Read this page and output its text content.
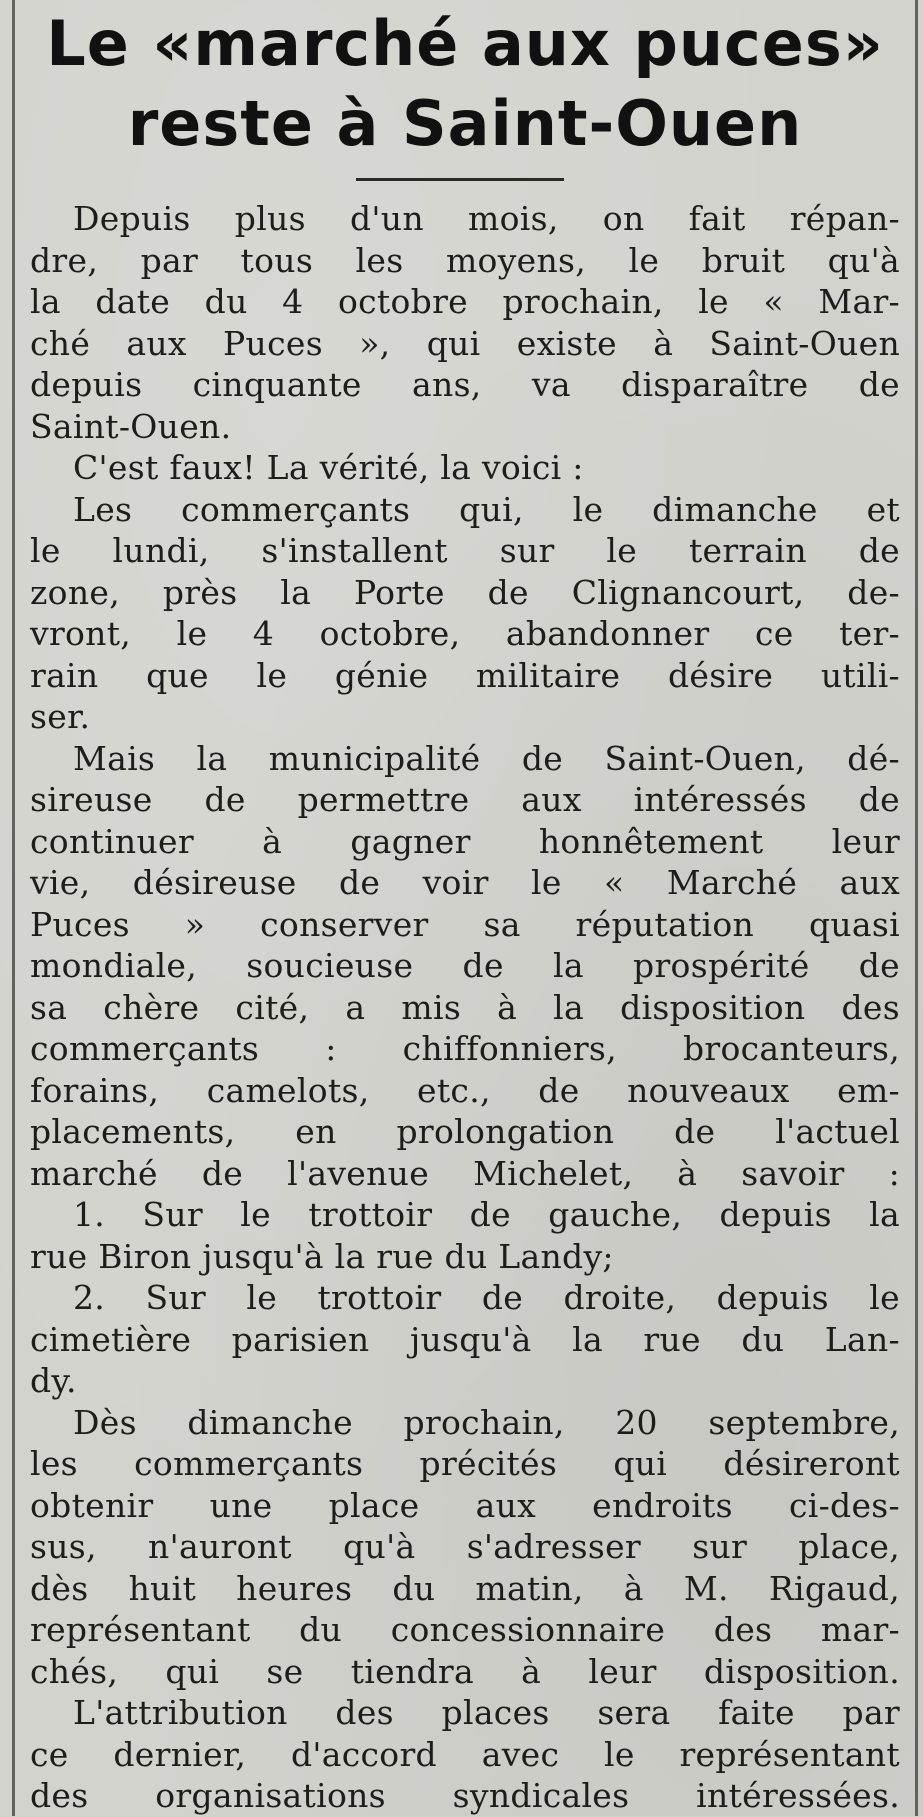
Le «marché aux puces»
reste à Saint-Ouen
Depuis plus d'un mois, on fait répan-
dre, par tous les moyens, le bruit qu'à
la date du 4 octobre prochain, le « Mar-
ché aux Puces », qui existe à Saint-Ouen
depuis cinquante ans, va disparaître de
Saint-Ouen.
C'est faux! La vérité, la voici :
Les commerçants qui, le dimanche et
le lundi, s'installent sur le terrain de
zone, près la Porte de Clignancourt, de-
vront, le 4 octobre, abandonner ce ter-
rain que le génie militaire désire utili-
ser.
Mais la municipalité de Saint-Ouen, dé-
sireuse de permettre aux intéressés de
continuer à gagner honnêtement leur
vie, désireuse de voir le « Marché aux
Puces » conserver sa réputation quasi
mondiale, soucieuse de la prospérité de
sa chère cité, a mis à la disposition des
commerçants : chiffonniers, brocanteurs,
forains, camelots, etc., de nouveaux em-
placements, en prolongation de l'actuel
marché de l'avenue Michelet, à savoir :
1. Sur le trottoir de gauche, depuis la
rue Biron jusqu'à la rue du Landy;
2. Sur le trottoir de droite, depuis le
cimetière parisien jusqu'à la rue du Lan-
dy.
Dès dimanche prochain, 20 septembre,
les commerçants précités qui désireront
obtenir une place aux endroits ci-des-
sus, n'auront qu'à s'adresser sur place,
dès huit heures du matin, à M. Rigaud,
représentant du concessionnaire des mar-
chés, qui se tiendra à leur disposition.
L'attribution des places sera faite par
ce dernier, d'accord avec le représentant
des organisations syndicales intéressées.
